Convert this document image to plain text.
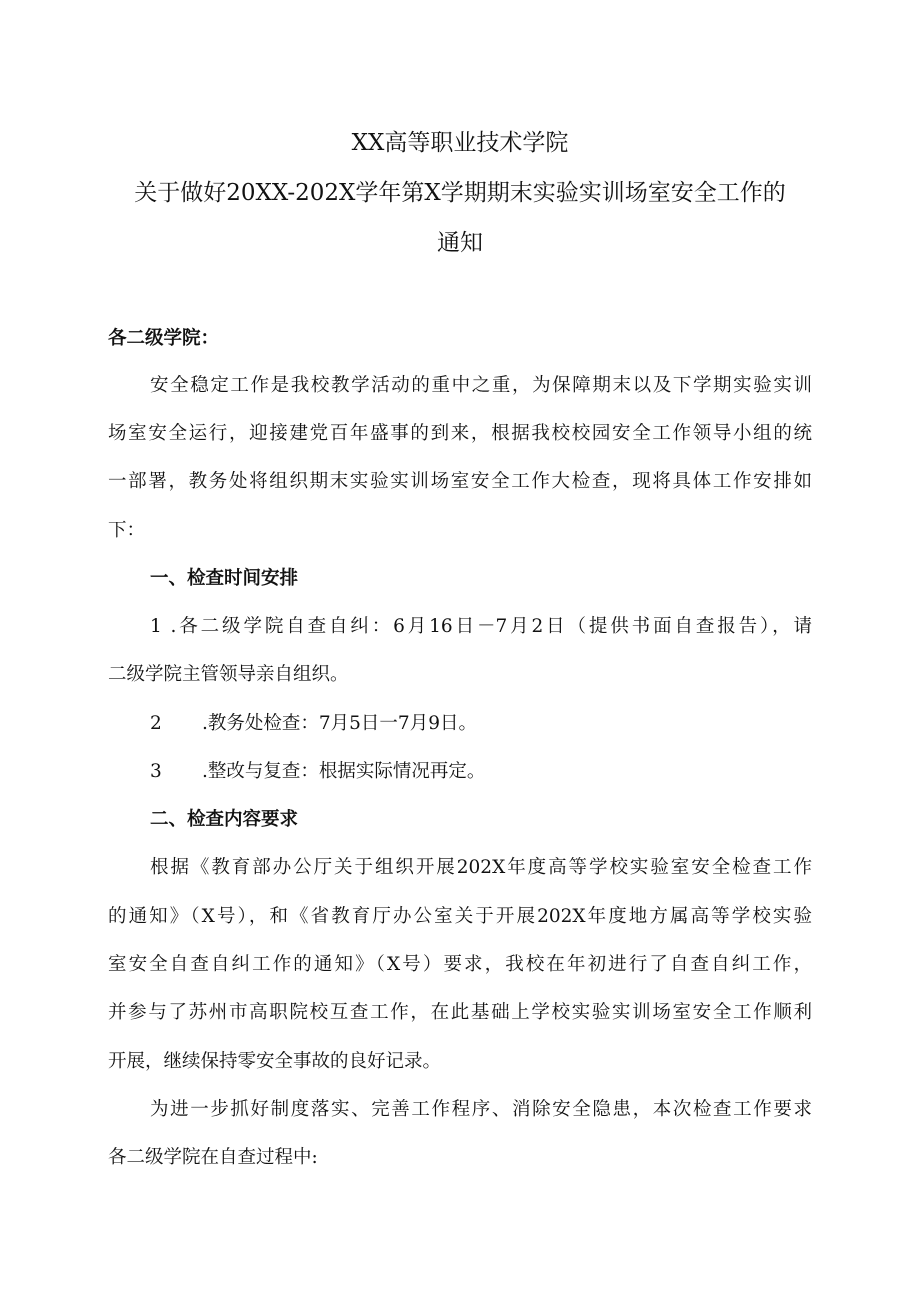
XX高等职业技术学院
关于做好20XX-202X学年第X学期期末实验实训场室安全工作的
通知
各二级学院：
安全稳定工作是我校教学活动的重中之重，为保障期末以及下学期实验实训
场室安全运行，迎接建党百年盛事的到来，根据我校校园安全工作领导小组的统
一部署，教务处将组织期末实验实训场室安全工作大检查，现将具体工作安排如
下：
一、检查时间安排
1 .各二级学院自查自纠：6月16日－7月2日（提供书面自查报告），请
二级学院主管领导亲自组织。
2 .教务处检查：7月5日一7月9日。
3 .整改与复查：根据实际情况再定。
二、检查内容要求
根据《教育部办公厅关于组织开展202X年度高等学校实验室安全检查工作
的通知》（X号），和《省教育厅办公室关于开展202X年度地方属高等学校实验
室安全自查自纠工作的通知》（X号）要求，我校在年初进行了自查自纠工作，
并参与了苏州市高职院校互查工作，在此基础上学校实验实训场室安全工作顺利
开展，继续保持零安全事故的良好记录。
为进一步抓好制度落实、完善工作程序、消除安全隐患，本次检查工作要求
各二级学院在自查过程中:
